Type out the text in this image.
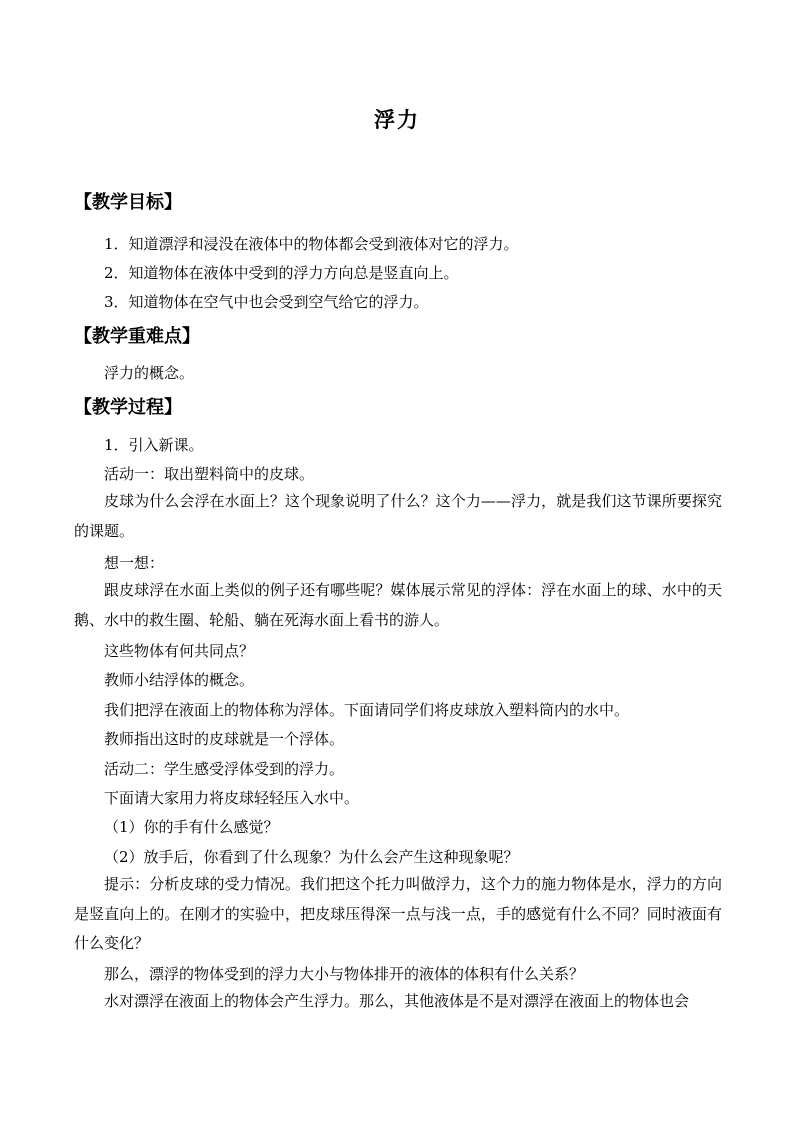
浮力
【教学目标】
1．知道漂浮和浸没在液体中的物体都会受到液体对它的浮力。
2．知道物体在液体中受到的浮力方向总是竖直向上。
3．知道物体在空气中也会受到空气给它的浮力。
【教学重难点】
浮力的概念。
【教学过程】
1．引入新课。
活动一：取出塑料筒中的皮球。
皮球为什么会浮在水面上？这个现象说明了什么？这个力——浮力，就是我们这节课所要探究的课题。
想一想：
跟皮球浮在水面上类似的例子还有哪些呢？媒体展示常见的浮体：浮在水面上的球、水中的天鹅、水中的救生圈、轮船、躺在死海水面上看书的游人。
这些物体有何共同点？
教师小结浮体的概念。
我们把浮在液面上的物体称为浮体。下面请同学们将皮球放入塑料筒内的水中。
教师指出这时的皮球就是一个浮体。
活动二：学生感受浮体受到的浮力。
下面请大家用力将皮球轻轻压入水中。
（1）你的手有什么感觉？
（2）放手后，你看到了什么现象？为什么会产生这种现象呢？
提示：分析皮球的受力情况。我们把这个托力叫做浮力，这个力的施力物体是水，浮力的方向是竖直向上的。在刚才的实验中，把皮球压得深一点与浅一点，手的感觉有什么不同？同时液面有什么变化？
那么，漂浮的物体受到的浮力大小与物体排开的液体的体积有什么关系？
水对漂浮在液面上的物体会产生浮力。那么，其他液体是不是对漂浮在液面上的物体也会
